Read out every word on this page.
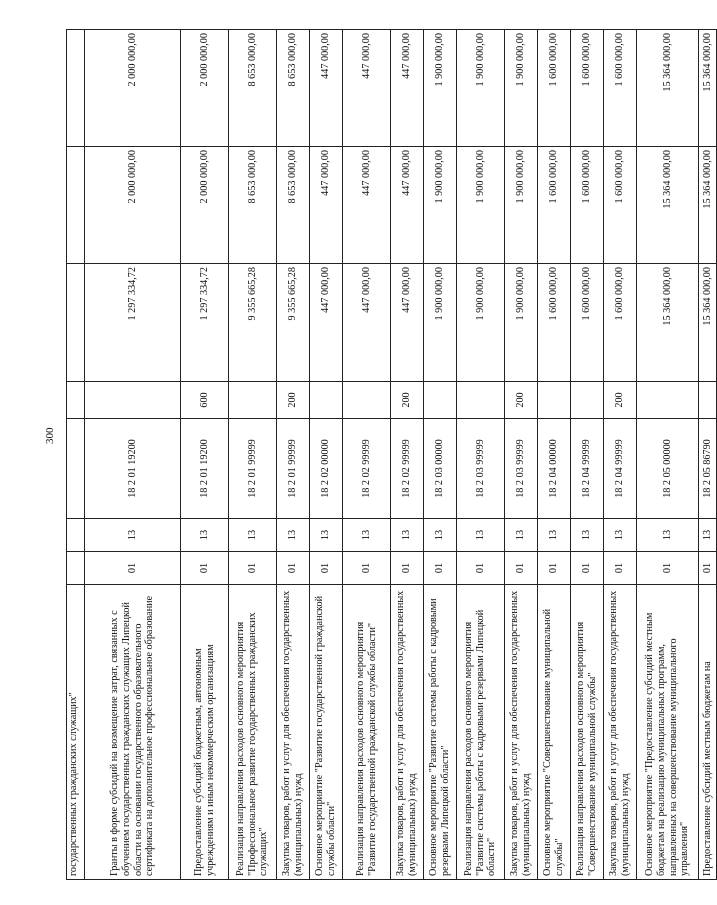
300
государственных гражданских служащих"							
Гранты в форме субсидий на возмещение затрат, связанных с обучением государственных гражданских служащих Липецкой области на основании государственного образовательного сертификата на дополнительное профессиональное образование	01	13	18 2 01 19200		1 297 334,72	2 000 000,00	2 000 000,00
Предоставление субсидий бюджетным, автономным учреждениям и иным некоммерческим организациям	01	13	18 2 01 19200	600	1 297 334,72	2 000 000,00	2 000 000,00
Реализация направления расходов основного мероприятия "Профессиональное развитие государственных гражданских служащих"	01	13	18 2 01 99999		9 355 665,28	8 653 000,00	8 653 000,00
Закупка товаров, работ и услуг для обеспечения государственных (муниципальных) нужд	01	13	18 2 01 99999	200	9 355 665,28	8 653 000,00	8 653 000,00
Основное мероприятие "Развитие государственной гражданской службы области"	01	13	18 2 02 00000		447 000,00	447 000,00	447 000,00
Реализация направления расходов основного мероприятия "Развитие государственной гражданской службы области"	01	13	18 2 02 99999		447 000,00	447 000,00	447 000,00
Закупка товаров, работ и услуг для обеспечения государственных (муниципальных) нужд	01	13	18 2 02 99999	200	447 000,00	447 000,00	447 000,00
Основное мероприятие "Развитие системы работы с кадровыми резервами Липецкой области"	01	13	18 2 03 00000		1 900 000,00	1 900 000,00	1 900 000,00
Реализация направления расходов основного мероприятия "Развитие системы работы с кадровыми резервами Липецкой области"	01	13	18 2 03 99999		1 900 000,00	1 900 000,00	1 900 000,00
Закупка товаров, работ и услуг для обеспечения государственных (муниципальных) нужд	01	13	18 2 03 99999	200	1 900 000,00	1 900 000,00	1 900 000,00
Основное мероприятие "Совершенствование муниципальной службы"	01	13	18 2 04 00000		1 600 000,00	1 600 000,00	1 600 000,00
Реализация направления расходов основного мероприятия "Совершенствование муниципальной службы"	01	13	18 2 04 99999		1 600 000,00	1 600 000,00	1 600 000,00
Закупка товаров, работ и услуг для обеспечения государственных (муниципальных) нужд	01	13	18 2 04 99999	200	1 600 000,00	1 600 000,00	1 600 000,00
Основное мероприятие "Предоставление субсидий местным бюджетам на реализацию муниципальных программ, направленных на совершенствование муниципального управления"	01	13	18 2 05 00000		15 364 000,00	15 364 000,00	15 364 000,00
Предоставление субсидий местным бюджетам на	01	13	18 2 05 86790		15 364 000,00	15 364 000,00	15 364 000,00
